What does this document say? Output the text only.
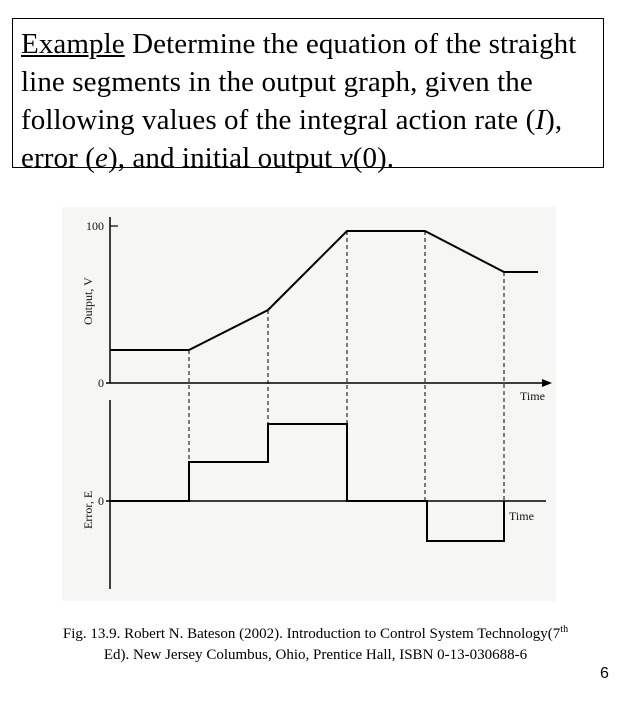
Example Determine the equation of the straight
line segments in the output graph, given the
following values of the integral action rate (I),
error (e), and initial output v(0).
100
0
0
Time
Time
Output, V
Error, E
Fig. 13.9. Robert N. Bateson (2002). Introduction to Control System Technology(7th
Ed). New Jersey Columbus, Ohio, Prentice Hall, ISBN 0-13-030688-6
6
